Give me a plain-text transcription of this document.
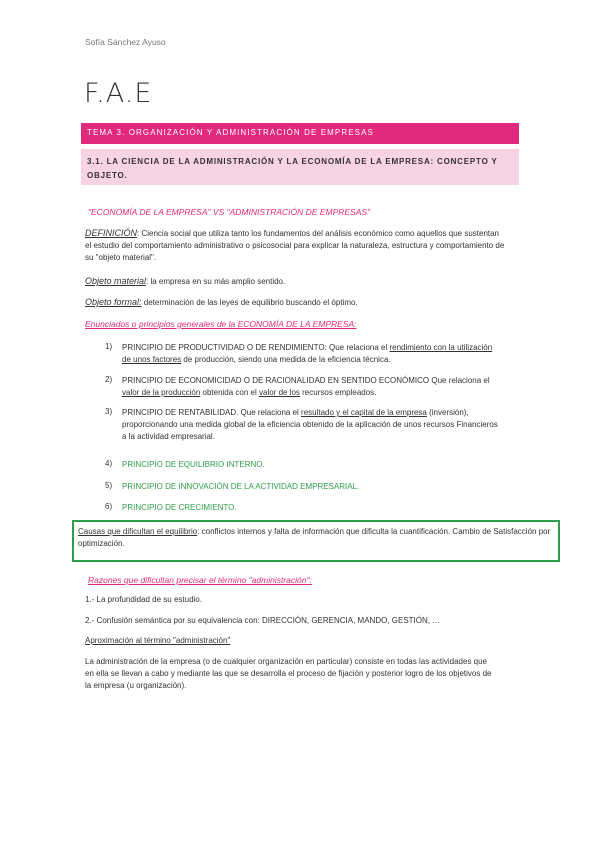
Sofía Sánchez Ayuso
F.A.E
TEMA 3. ORGANIZACIÓN Y ADMINISTRACIÓN DE EMPRESAS
3.1. LA CIENCIA DE LA ADMINISTRACIÓN Y LA ECONOMÍA DE LA EMPRESA: CONCEPTO Y OBJETO.
"ECONOMÍA DE LA EMPRESA" VS "ADMINISTRACIÓN DE EMPRESAS"
DEFINICIÓN: Ciencia social que utiliza tanto los fundamentos del análisis económico como aquellos que sustentan el estudio del comportamiento administrativo o psicosocial para explicar la naturaleza, estructura y comportamiento de su "objeto material".
Objeto material: la empresa en su más amplio sentido.
Objeto formal: determinación de las leyes de equilibrio buscando el óptimo.
Enunciados o principios generales de la ECONOMÍA DE LA EMPRESA:
1) PRINCIPIO DE PRODUCTIVIDAD O DE RENDIMIENTO: Que relaciona el rendimiento con la utilización de unos factores de producción, siendo una medida de la eficiencia técnica.
2) PRINCIPIO DE ECONOMICIDAD O DE RACIONALIDAD EN SENTIDO ECONÓMICO Que relaciona el valor de la producción obtenida con el valor de los recursos empleados.
3) PRINCIPIO DE RENTABILIDAD. Que relaciona el resultado y el capital de la empresa (inversión), proporcionando una medida global de la eficiencia obtenido de la aplicación de unos recursos Financieros a la actividad empresarial.
4) PRINCIPIO DE EQUILIBRIO INTERNO.
5) PRINCIPIO DE INNOVACIÓN DE LA ACTIVIDAD EMPRESARIAL.
6) PRINCIPIO DE CRECIMIENTO.
Causas que dificultan el equilibrio: conflictos internos y falta de información que dificulta la cuantificación. Cambio de Satisfacción por optimización.
Razones que dificultan precisar el término "administración":
1.- La profundidad de su estudio.
2.- Confusión semántica por su equivalencia con: DIRECCIÓN, GERENCIA, MANDO, GESTIÓN, …
Aproximación al término "administración"
La administración de la empresa (o de cualquier organización en particular) consiste en todas las actividades que en ella se llevan a cabo y mediante las que se desarrolla el proceso de fijación y posterior logro de los objetivos de la empresa (u organización).
